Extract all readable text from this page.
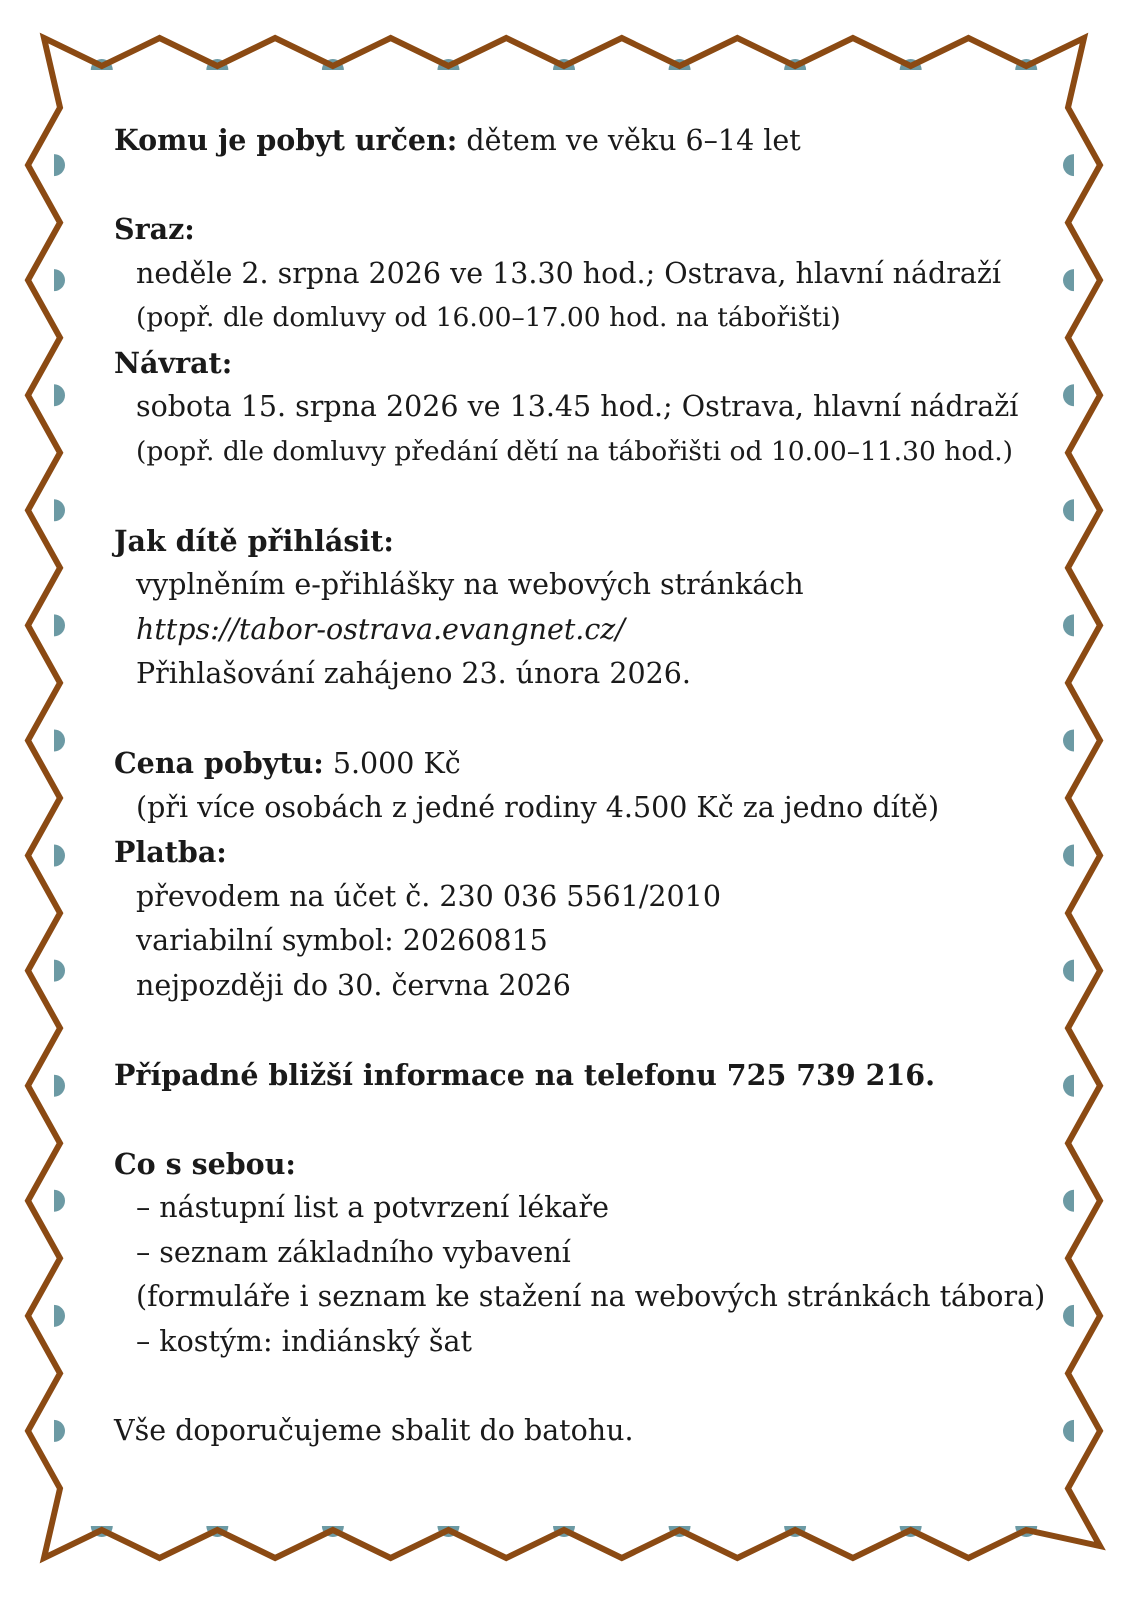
Komu je pobyt určen: dětem ve věku 6–14 let
Sraz:
neděle 2. srpna 2026 ve 13.30 hod.; Ostrava, hlavní nádraží
(popř. dle domluvy od 16.00–17.00 hod. na tábořišti)
Návrat:
sobota 15. srpna 2026 ve 13.45 hod.; Ostrava, hlavní nádraží
(popř. dle domluvy předání dětí na tábořišti od 10.00–11.30 hod.)
Jak dítě přihlásit:
vyplněním e-přihlášky na webových stránkách
https://tabor-ostrava.evangnet.cz/
Přihlašování zahájeno 23. února 2026.
Cena pobytu: 5.000 Kč
(při více osobách z jedné rodiny 4.500 Kč za jedno dítě)
Platba:
převodem na účet č. 230 036 5561/2010
variabilní symbol: 20260815
nejpozději do 30. června 2026
Případné bližší informace na telefonu 725 739 216.
Co s sebou:
– nástupní list a potvrzení lékaře
– seznam základního vybavení
(formuláře i seznam ke stažení na webových stránkách tábora)
– kostým: indiánský šat
Vše doporučujeme sbalit do batohu.
